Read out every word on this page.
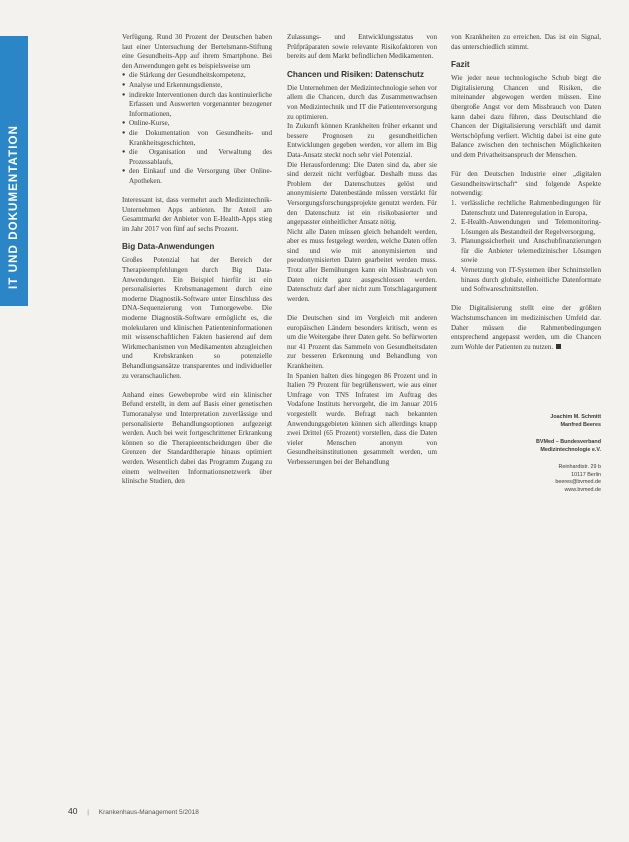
IT UND DOKUMENTATION

Verfügung. Rund 30 Prozent der Deutschen haben laut einer Untersuchung der Bertelsmann-Stiftung eine Gesundheits-App auf ihrem Smartphone. Bei den Anwendungen geht es beispielsweise um

● die Stärkung der Gesundheitskompetenz,
● Analyse und Erkennungsdienste,
● indirekte Interventionen durch das kontinuierliche Erfassen und Auswerten vorgenannter bezogener Informationen,
● Online-Kurse,
● die Dokumentation von Gesundheits- und Krankheitsgeschichten,
● die Organisation und Verwaltung des Prozessablaufs,
● den Einkauf und die Versorgung über Online-Apotheken.

Interessant ist, dass vermehrt auch Medizintechnik-Unternehmen Apps anbieten. Ihr Anteil am Gesamtmarkt der Anbieter von E-Health-Apps stieg im Jahr 2017 von fünf auf sechs Prozent.

Big Data-Anwendungen

Großes Potenzial hat der Bereich der Therapieempfehlungen durch Big Data-Anwendungen. Ein Beispiel hierfür ist ein personalisiertes Krebsmanagement durch eine moderne Diagnostik-Software unter Einschluss des DNA-Sequenzierung von Tumorgewebe. Die moderne Diagnostik-Software ermöglicht es, die molekularen und klinischen Patienteninformationen mit wissenschaftlichen Fakten basierend auf dem Wirkmechanismen von Medikamenten abzugleichen und Krebskranken so potenzielle Behandlungsansätze transparentes und individueller zu veranschaulichen.

Anhand eines Gewebeprobe wird ein klinischer Befund erstellt, in dem auf Basis einer genetischen Tumoranalyse und Interpretation zuverlässige und personalisierte Behandlungsoptionen aufgezeigt werden. Auch bei weit fortgeschrittener Erkrankung können so die Therapieentscheidungen über die Grenzen der Standardtherapie hinaus optimiert werden. Wesentlich dabei das Programm Zugang zu einem weltweiten Informationsnetzwerk über klinische Studien, den

Zulassungs- und Entwicklungsstatus von Prüfpräparaten sowie relevante Risikofaktoren von bereits auf dem Markt befindlichen Medikamenten.

Chancen und Risiken: Datenschutz

Die Unternehmen der Medizintechnologie sehen vor allem die Chancen, durch das Zusammenwachsen von Medizintechnik und IT die Patientenversorgung zu optimieren.

In Zukunft können Krankheiten früher erkannt und bessere Prognosen zu gesundheitlichen Entwicklungen gegeben werden, vor allem im Big Data-Ansatz steckt noch sehr viel Potenzial.

Die Herausforderung: Die Daten sind da, aber sie sind derzeit nicht verfügbar. Deshalb muss das Problem der Datenschutzes gelöst und anonymisierte Datenbestände müssen verstärkt für Versorgungsforschungsprojekte genutzt werden. Für den Datenschutz ist ein risikobasierter und angepasster einheitlicher Ansatz nötig.

Nicht alle Daten müssen gleich behandelt werden, aber es muss festgelegt werden, welche Daten offen sind und wie mit anonymisierten und pseudonymisierten Daten gearbeitet werden muss. Trotz aller Bemühungen kann ein Missbrauch von Daten nicht ganz ausgeschlossen werden. Datenschutz darf aber nicht zum Totschlagargument werden.

Die Deutschen sind im Vergleich mit anderen europäischen Ländern besonders kritisch, wenn es um die Weitergabe ihrer Daten geht. So befürworten nur 41 Prozent das Sammeln von Gesundheitsdaten zur besseren Erkennung und Behandlung von Krankheiten.

In Spanien halten dies hingegen 86 Prozent und in Italien 79 Prozent für begrüßenswert, wie aus einer Umfrage von TNS Infratest im Auftrag des Vodafone Instituts hervorgeht, die im Januar 2016 vorgestellt wurde. Befragt nach bekannten Anwendungsgebieten können sich allerdings knapp zwei Drittel (65 Prozent) vorstellen, dass die Daten vieler Menschen anonym von Gesundheitsinstitutionen gesammelt werden, um Verbesserungen bei der Behandlung

von Krankheiten zu erreichen. Das ist ein Signal, das unterschiedlich stimmt.

Fazit

Wie jeder neue technologische Schub birgt die Digitalisierung Chancen und Risiken, die miteinander abgewogen werden müssen. Eine übergroße Angst vor dem Missbrauch von Daten kann dabei dazu führen, dass Deutschland die Chancen der Digitalisierung verschläft und damit Wertschöpfung verliert. Wichtig dabei ist eine gute Balance zwischen den technischen Möglichkeiten und dem Privatheitsanspruch der Menschen.

Für den Deutschen Industrie einer „digitalen Gesundheitswirtschaft“ sind folgende Aspekte notwendig:

1. verlässliche rechtliche Rahmenbedingungen für Datenschutz und Datenregulation in Europa,
2. E-Health-Anwendungen und Telemonitoring-Lösungen als Bestandteil der Regelversorgung,
3. Planungssicherheit und Anschubfinanzierungen für die Anbieter telemedizinischer Lösungen sowie
4. Vernetzung von IT-Systemen über Schnittstellen hinaus durch globale, einheitliche Datenformate und Softwareschnittstellen.

Die Digitalisierung stellt eine der größten Wachstumschancen im medizinischen Umfeld dar. Daher müssen die Rahmenbedingungen entsprechend angepasst werden, um die Chancen zum Wohle der Patienten zu nutzen.

Joachim M. Schmitt
Manfred Beeres
BVMed – Bundesverband
Medizintechnologie e.V.
Reinhardtstr. 29 b
10117 Berlin
beeres@bvmed.de
www.bvmed.de
40 | Krankenhaus-Management 5/2018
